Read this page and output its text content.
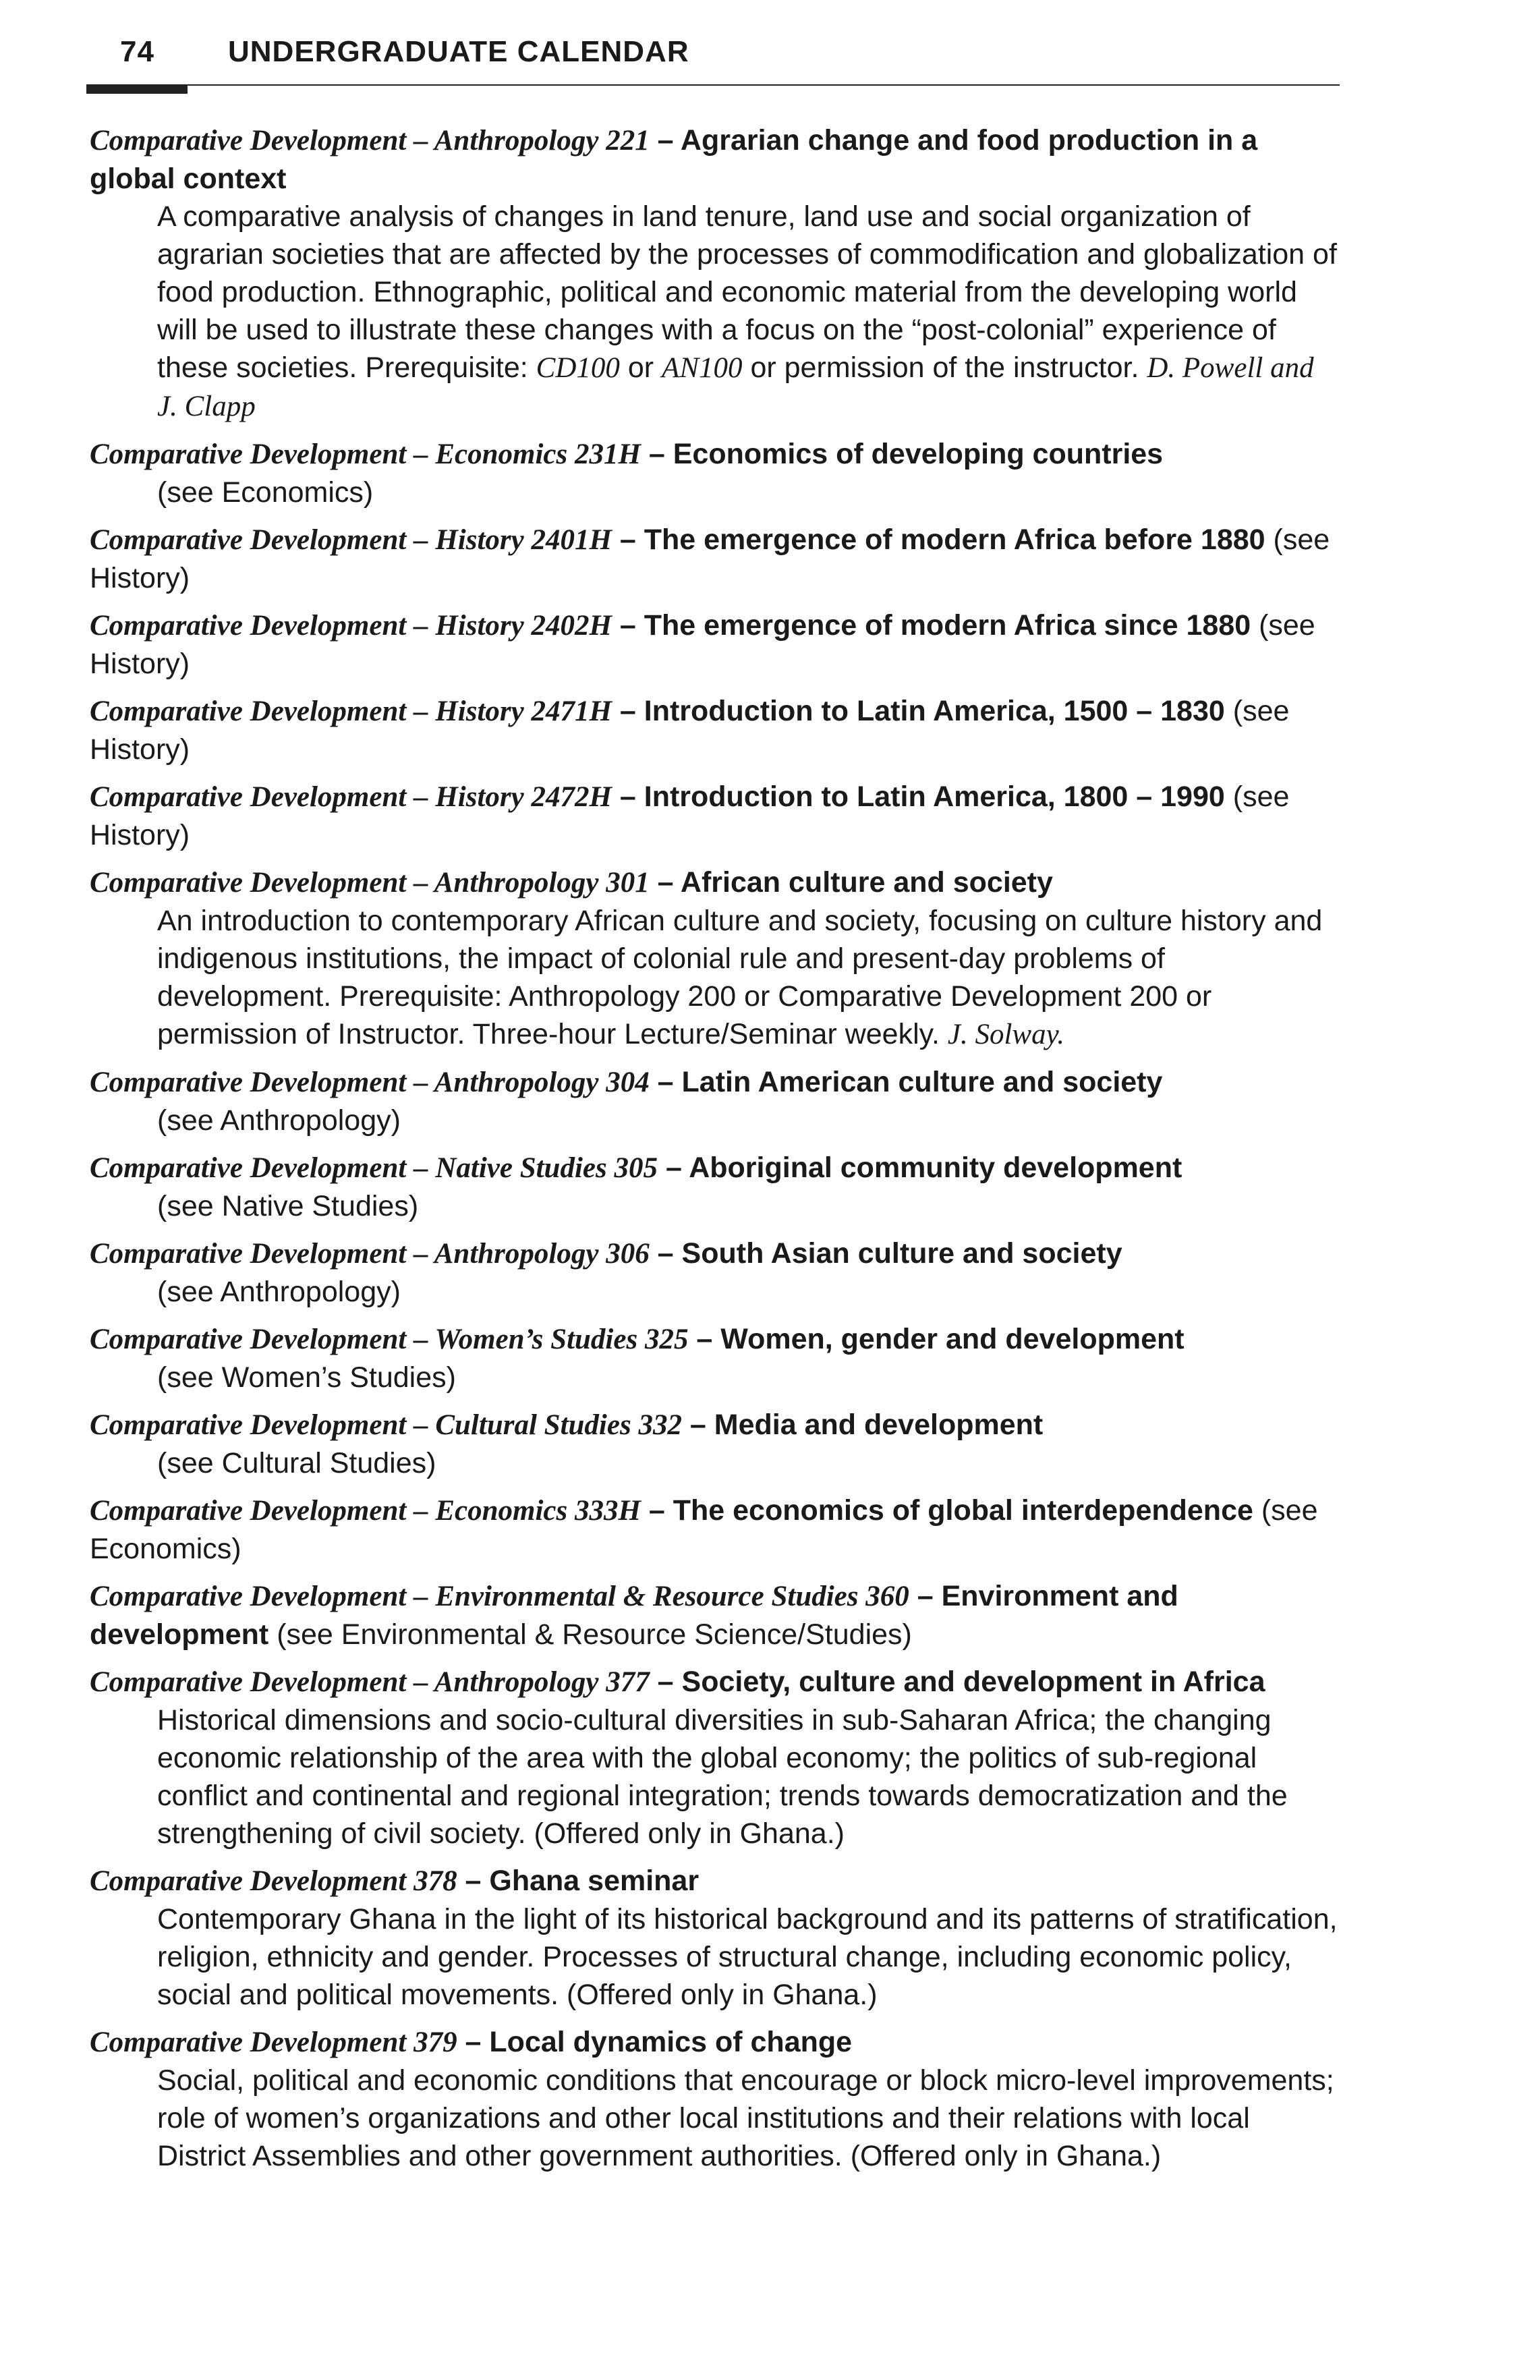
74	UNDERGRADUATE CALENDAR
Comparative Development – Anthropology 221 – Agrarian change and food production in a global context
A comparative analysis of changes in land tenure, land use and social organization of agrarian societies that are affected by the processes of commodification and globalization of food production. Ethnographic, political and economic material from the developing world will be used to illustrate these changes with a focus on the “post-colonial” experience of these societies. Prerequisite: CD100 or AN100 or permission of the instructor. D. Powell and J. Clapp
Comparative Development – Economics 231H – Economics of developing countries
(see Economics)
Comparative Development – History 2401H – The emergence of modern Africa before 1880 (see History)
Comparative Development – History 2402H – The emergence of modern Africa since 1880 (see History)
Comparative Development – History 2471H – Introduction to Latin America, 1500 – 1830 (see History)
Comparative Development – History 2472H – Introduction to Latin America, 1800 – 1990 (see History)
Comparative Development – Anthropology 301 – African culture and society
An introduction to contemporary African culture and society, focusing on culture history and indigenous institutions, the impact of colonial rule and present-day problems of development. Prerequisite: Anthropology 200 or Comparative Development 200 or permission of Instructor. Three-hour Lecture/Seminar weekly. J. Solway.
Comparative Development – Anthropology 304 – Latin American culture and society
(see Anthropology)
Comparative Development – Native Studies 305 – Aboriginal community development
(see Native Studies)
Comparative Development – Anthropology 306 – South Asian culture and society
(see Anthropology)
Comparative Development – Women’s Studies 325 – Women, gender and development
(see Women’s Studies)
Comparative Development – Cultural Studies 332 – Media and development
(see Cultural Studies)
Comparative Development – Economics 333H – The economics of global interdependence (see Economics)
Comparative Development – Environmental & Resource Studies 360 – Environment and development (see Environmental & Resource Science/Studies)
Comparative Development – Anthropology 377 – Society, culture and development in Africa
Historical dimensions and socio-cultural diversities in sub-Saharan Africa; the changing economic relationship of the area with the global economy; the politics of sub-regional conflict and continental and regional integration; trends towards democratization and the strengthening of civil society. (Offered only in Ghana.)
Comparative Development 378 – Ghana seminar
Contemporary Ghana in the light of its historical background and its patterns of stratification, religion, ethnicity and gender. Processes of structural change, including economic policy, social and political movements. (Offered only in Ghana.)
Comparative Development 379 – Local dynamics of change
Social, political and economic conditions that encourage or block micro-level improvements; role of women’s organizations and other local institutions and their relations with local District Assemblies and other government authorities. (Offered only in Ghana.)
